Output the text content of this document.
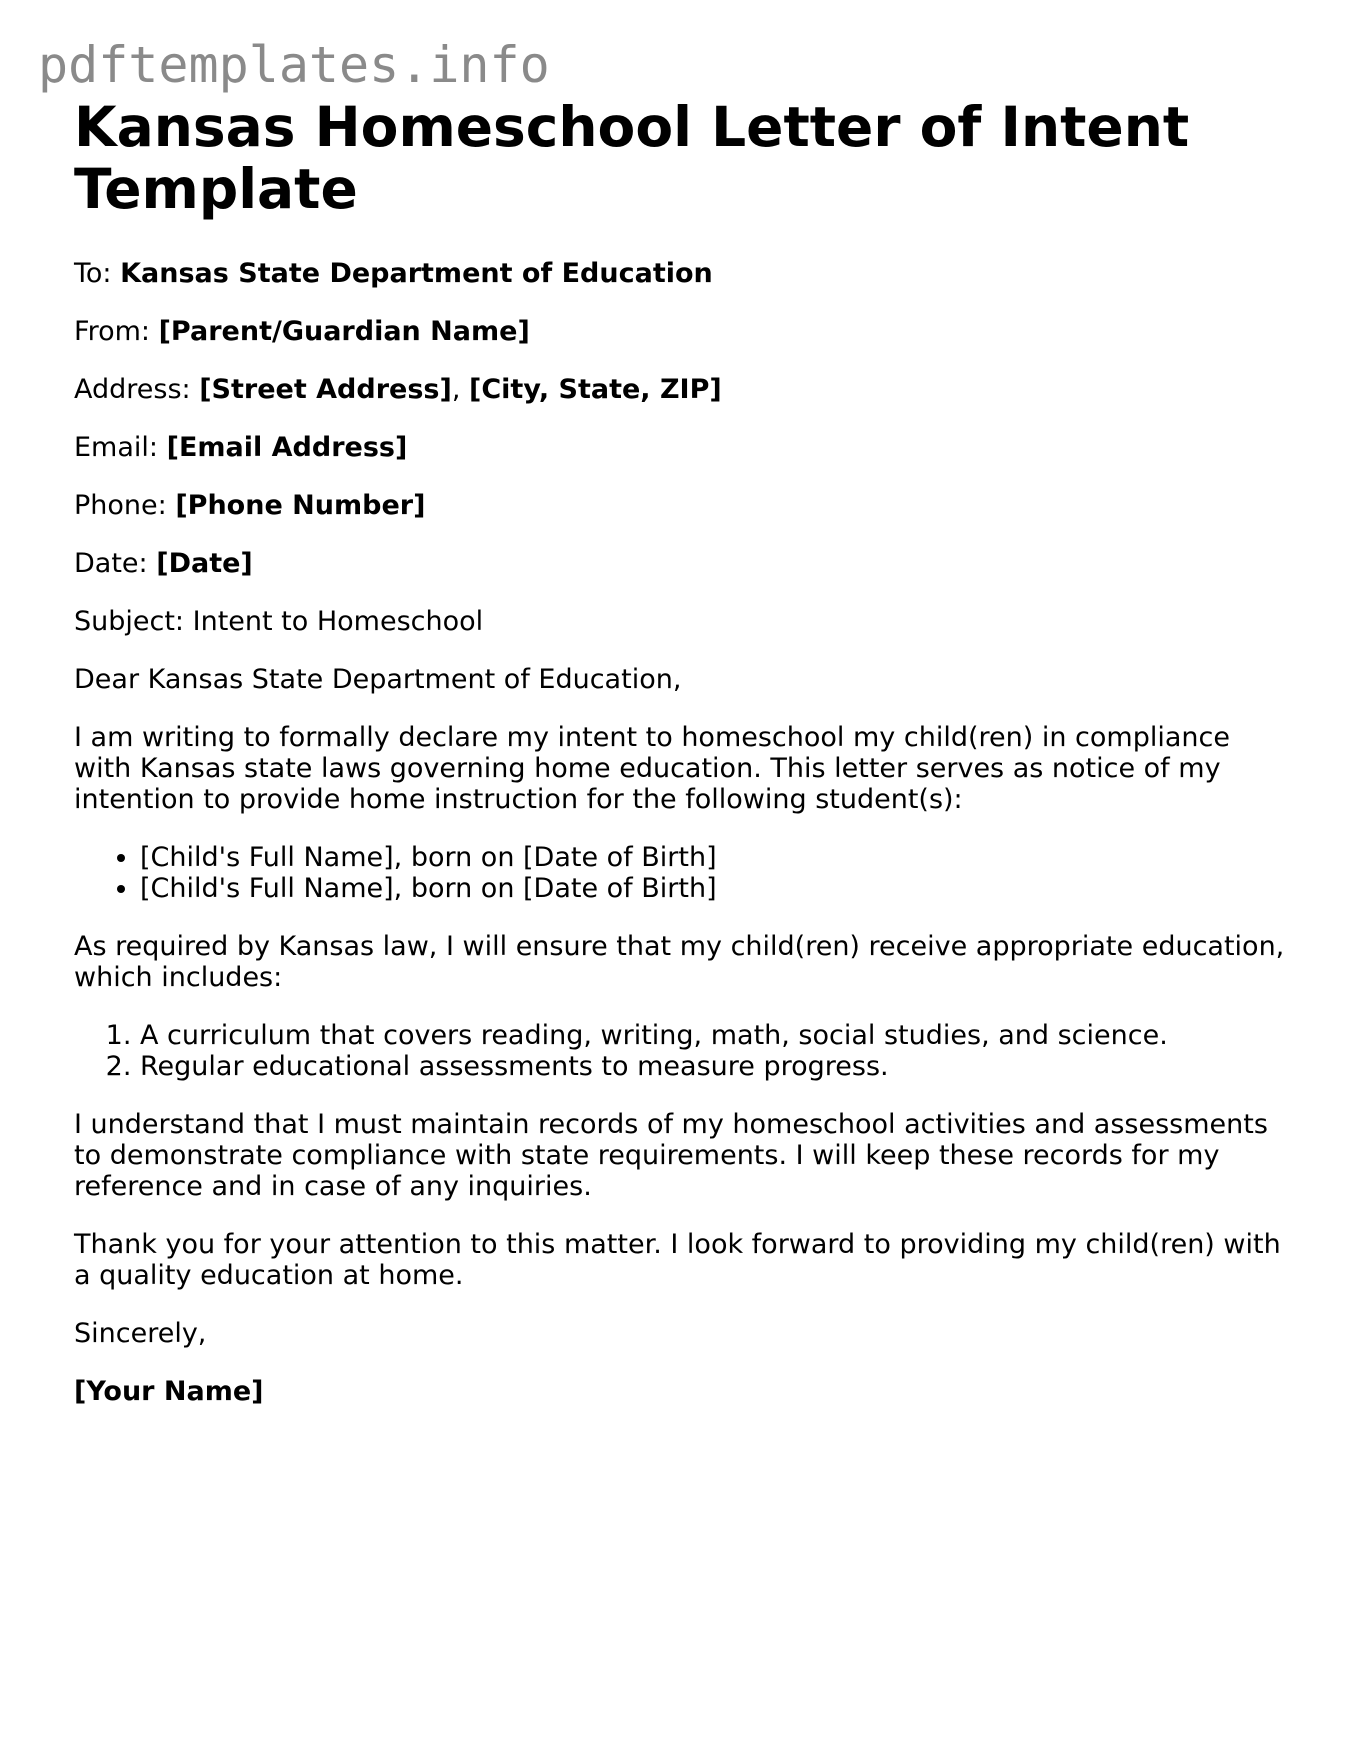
pdftemplates.info
Kansas Homeschool Letter of Intent Template
To: Kansas State Department of Education
From: [Parent/Guardian Name]
Address: [Street Address], [City, State, ZIP]
Email: [Email Address]
Phone: [Phone Number]
Date: [Date]

Subject: Intent to Homeschool

Dear Kansas State Department of Education,

I am writing to formally declare my intent to homeschool my child(ren) in compliance with Kansas state laws governing home education. This letter serves as notice of my intention to provide home instruction for the following student(s):

• [Child's Full Name], born on [Date of Birth]
• [Child's Full Name], born on [Date of Birth]

As required by Kansas law, I will ensure that my child(ren) receive appropriate education, which includes:

1. A curriculum that covers reading, writing, math, social studies, and science.
2. Regular educational assessments to measure progress.

I understand that I must maintain records of my homeschool activities and assessments to demonstrate compliance with state requirements. I will keep these records for my reference and in case of any inquiries.

Thank you for your attention to this matter. I look forward to providing my child(ren) with a quality education at home.

Sincerely,

[Your Name]
